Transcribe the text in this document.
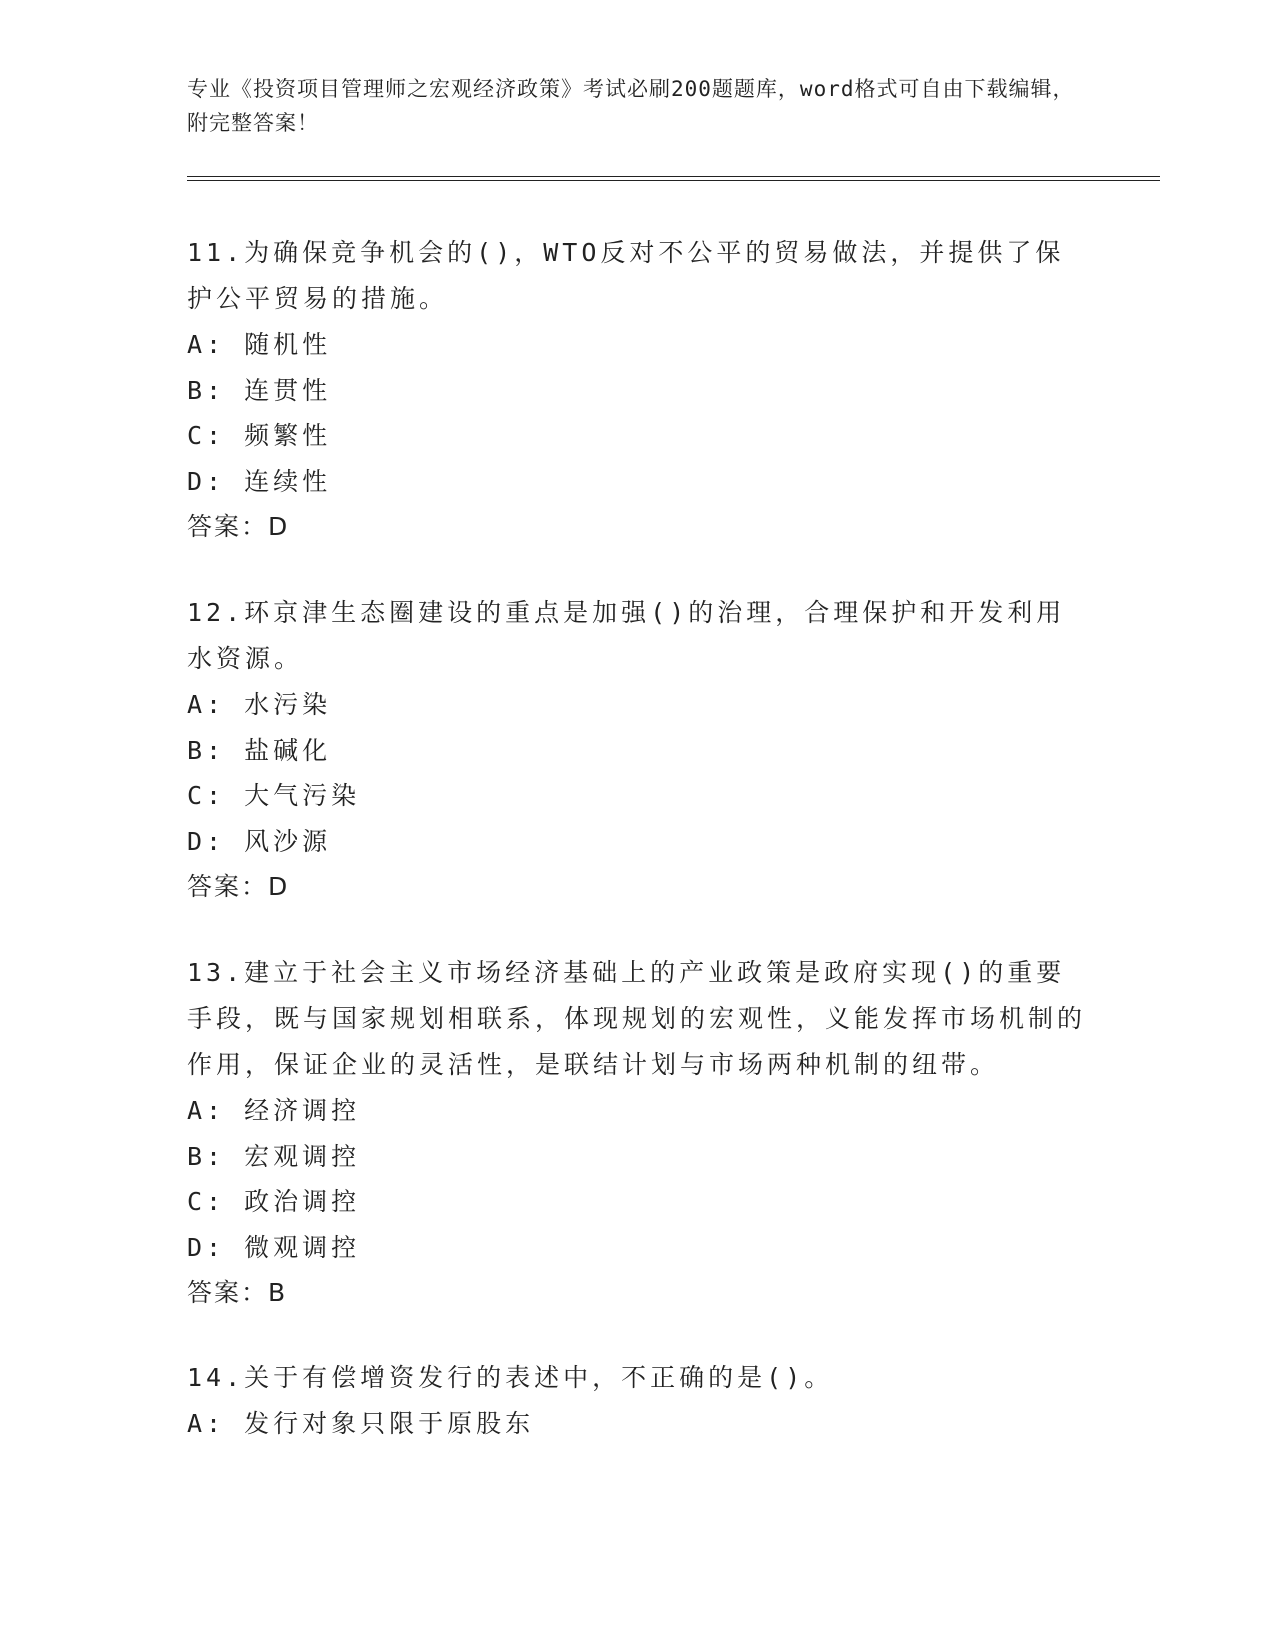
专业《投资项目管理师之宏观经济政策》考试必刷200题题库，word格式可自由下载编辑，附完整答案！
11.为确保竞争机会的()，WTO反对不公平的贸易做法，并提供了保护公平贸易的措施。
A: 随机性
B: 连贯性
C: 频繁性
D: 连续性
答案：D
12.环京津生态圈建设的重点是加强()的治理，合理保护和开发利用水资源。
A: 水污染
B: 盐碱化
C: 大气污染
D: 风沙源
答案：D
13.建立于社会主义市场经济基础上的产业政策是政府实现()的重要手段，既与国家规划相联系，体现规划的宏观性，义能发挥市场机制的作用，保证企业的灵活性，是联结计划与市场两种机制的纽带。
A: 经济调控
B: 宏观调控
C: 政治调控
D: 微观调控
答案：B
14.关于有偿增资发行的表述中，不正确的是()。
A: 发行对象只限于原股东
